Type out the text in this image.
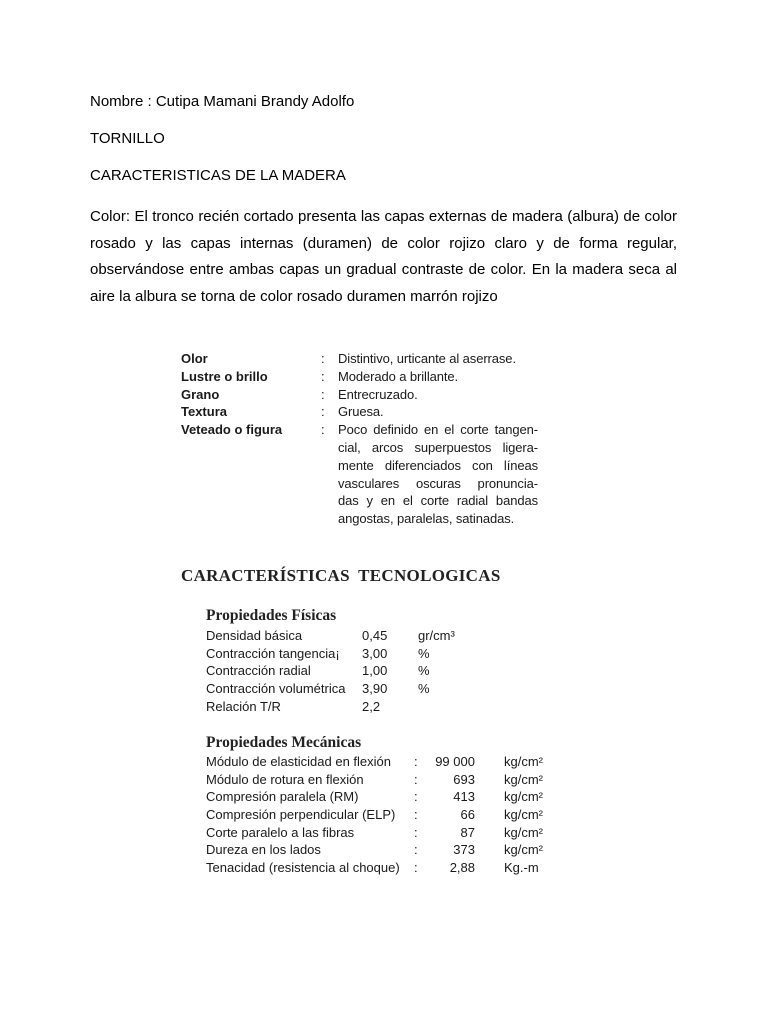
Nombre : Cutipa Mamani Brandy Adolfo

TORNILLO

CARACTERISTICAS DE LA MADERA

Color: El tronco recién cortado presenta las capas externas de madera (albura) de color
rosado y las capas internas (duramen) de color rojizo claro y de forma regular,
observándose entre ambas capas un gradual contraste de color. En la madera seca al
aire la albura se torna de color rosado duramen marrón rojizo
Olor	:	Distintivo, urticante al aserrase.
Lustre o brillo	:	Moderado a brillante.
Grano	:	Entrecruzado.
Textura	:	Gruesa.
Veteado o figura	:	Poco definido en el corte tangen-
cial, arcos superpuestos ligera-
mente diferenciados con líneas
vasculares oscuras pronuncia-
das y en el corte radial bandas
angostas, paralelas, satinadas.

CARACTERÍSTICAS TECNOLOGICAS

Propiedades Físicas

Densidad básica	0,45	gr/cm³
Contracción tangencia¡	3,00	%
Contracción radial	1,00	%
Contracción volumétrica	3,90	%
Relación T/R	2,2

Propiedades Mecánicas

Módulo de elasticidad en flexión	:	99 000 kg/cm²
Módulo de rotura en flexión	:	693 kg/cm²
Compresión paralela (RM)	:	413 kg/cm²
Compresión perpendicular (ELP)	:	66 kg/cm²
Corte paralelo a las fibras	:	87 kg/cm²
Dureza en los lados	:	373 kg/cm²
Tenacidad (resistencia al choque)	:	2,88 Kg.-m
